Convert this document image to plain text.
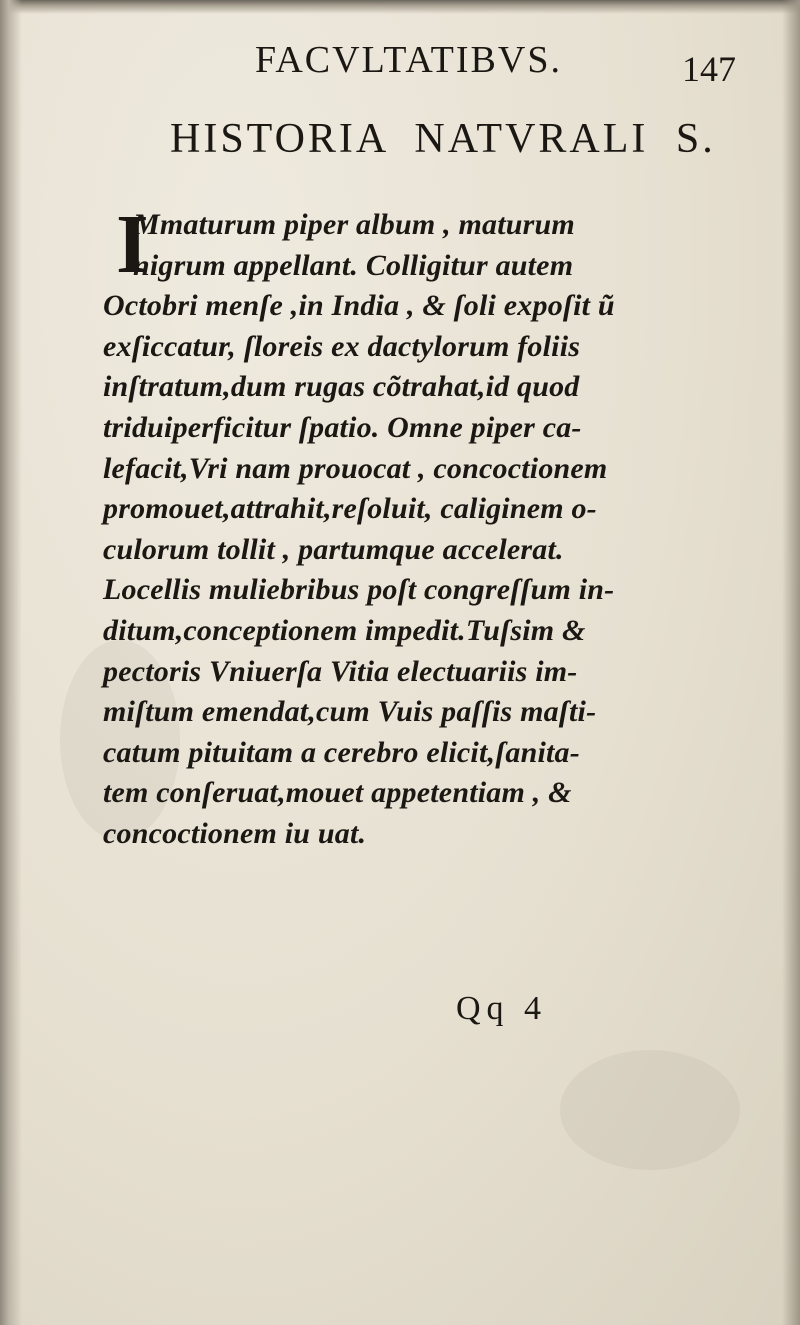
FACVLTATIBVS.	147
HISTORIA NATVRALI S.
I
Mmaturum piper album , maturum
nigrum appellant. Colligitur autem
Octobri menſe ,in India , & ſoli expoſit ũ
exſiccatur, ſloreis ex dactylorum foliis
inſtratum,dum rugas cõtrahat,id quod
triduiperficitur ſpatio. Omne piper ca-
lefacit,Vri nam prouocat , concoctionem
promouet,attrahit,reſoluit, caliginem o-
culorum tollit , partumque accelerat.
Locellis muliebribus poſt congreſſum in-
ditum,conceptionem impedit.Tuſsim &
pectoris Vniuerſa Vitia electuariis im-
miſtum emendat,cum Vuis paſſis maſti-
catum pituitam a cerebro elicit,ſanita-
tem conſeruat,mouet appetentiam , &
concoctionem iu uat.
Qq 4
